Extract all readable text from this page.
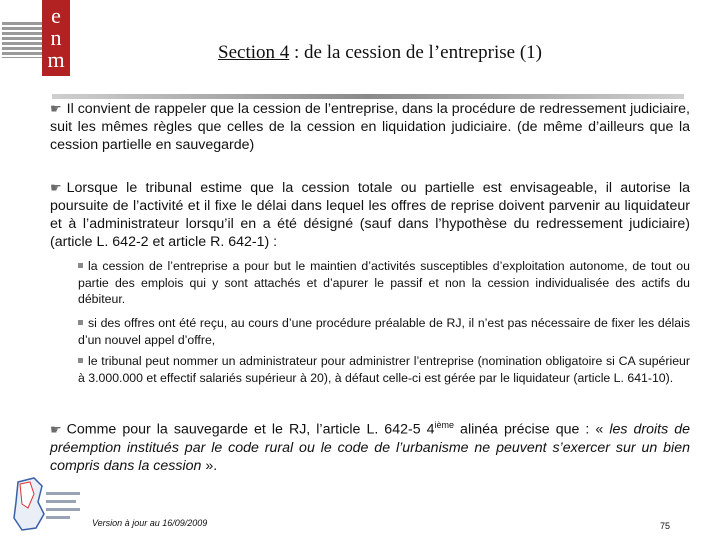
e
n
m	Section 4 : de la cession de l’entreprise (1)
☛ Il convient de rappeler que la cession de l’entreprise, dans la procédure de redressement judiciaire, suit les mêmes règles que celles de la cession en liquidation judiciaire. (de même d’ailleurs que la cession partielle en sauvegarde)
☛ Lorsque le tribunal estime que la cession totale ou partielle est envisageable, il autorise la poursuite de l’activité et il fixe le délai dans lequel les offres de reprise doivent parvenir au liquidateur et à l’administrateur lorsqu’il en a été désigné (sauf dans l’hypothèse du redressement judiciaire) (article L. 642-2 et article R. 642-1) :
la cession de l’entreprise a pour but le maintien d’activités susceptibles d’exploitation autonome, de tout ou partie des emplois qui y sont attachés et d’apurer le passif et non la cession individualisée des actifs du débiteur.
si des offres ont été reçu, au cours d’une procédure préalable de RJ, il n’est pas nécessaire de fixer les délais d’un nouvel appel d’offre,
le tribunal peut nommer un administrateur pour administrer l’entreprise (nomination obligatoire si CA supérieur à 3.000.000 et effectif salariés supérieur à 20), à défaut celle-ci est gérée par le liquidateur (article L. 641-10).
☛ Comme pour la sauvegarde et le RJ, l’article L. 642-5 4ième alinéa précise que : « les droits de préemption institués par le code rural ou le code de l’urbanisme ne peuvent s’exercer sur un bien compris dans la cession ».
Version à jour au 16/09/2009	75
